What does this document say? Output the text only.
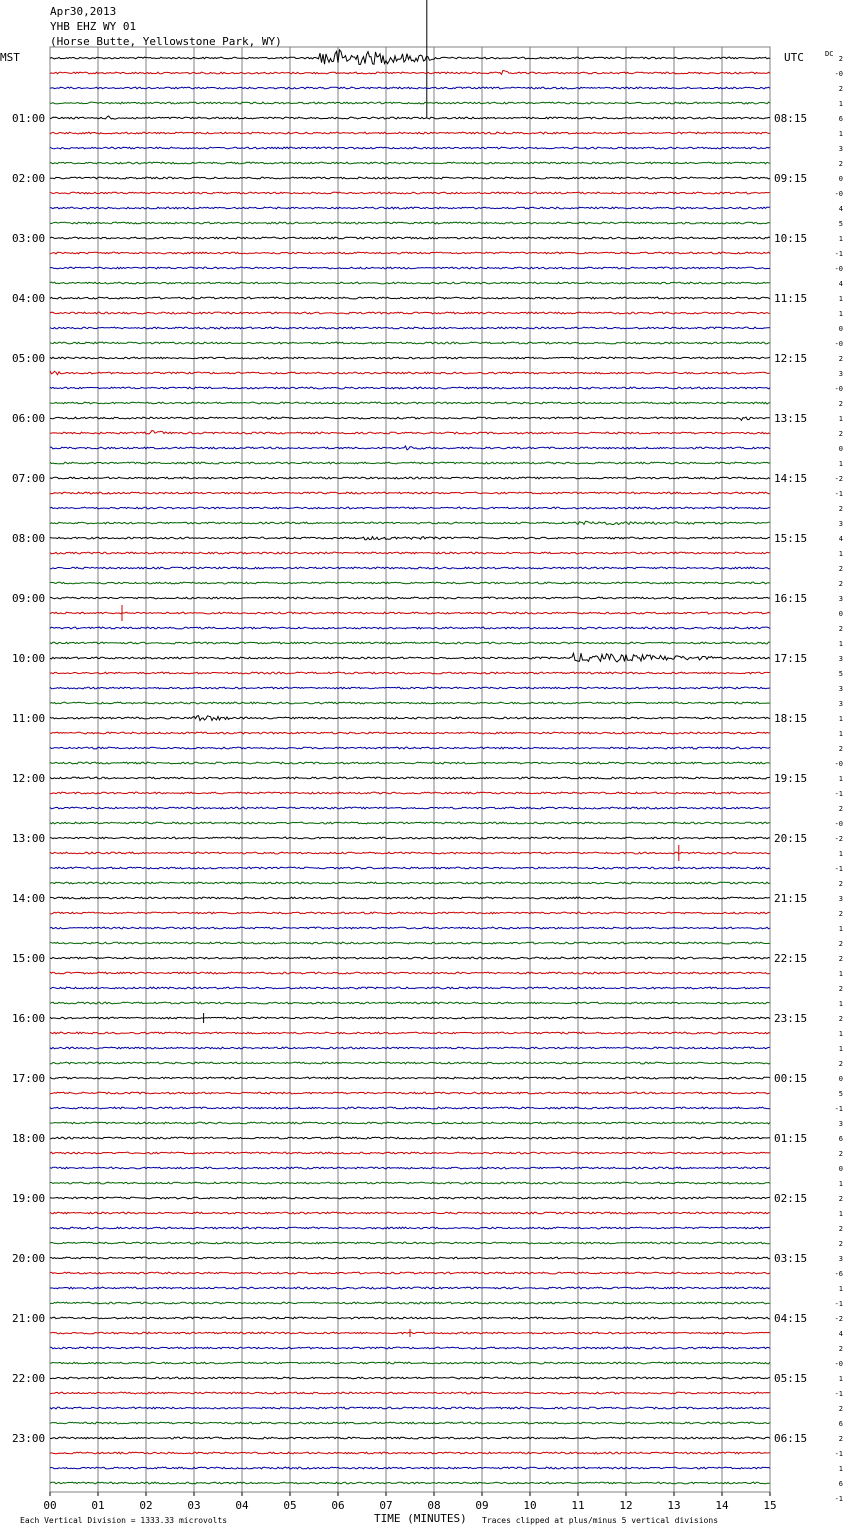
Apr30,2013
YHB EHZ WY 01
(Horse Butte, Yellowstone Park, WY)
MST	UTC	DC
01:00
02:00
03:00
04:00
05:00
06:00
07:00
08:00
09:00
10:00
11:00
12:00
13:00
14:00
15:00
16:00
17:00
18:00
19:00
20:00
21:00
22:00
23:00
08:15
09:15
10:15
11:15
12:15
13:15
14:15
15:15
16:15
17:15
18:15
19:15
20:15
21:15
22:15
23:15
00:15
01:15
02:15
03:15
04:15
05:15
06:15
2
-0
2
1
6
1
3
2
0
-0
4
5
1
-1
-0
4
1
1
0
-0
2
3
-0
2
1
2
0
1
-2
-1
2
3
4
1
2
2
3
0
2
1
3
5
3
3
1
1
2
-0
1
-1
2
-0
-2
1
-1
2
3
2
1
2
2
1
2
1
2
1
1
2
0
5
-1
3
6
2
0
1
2
1
2
2
3
-6
1
-1
-2
4
2
-0
1
-1
2
6
2
-1
1
6
-1
00	01	02	03	04	05	06	07	08	09	10	11	12	13	14	15
Each Vertical Division = 1333.33 microvolts	TIME (MINUTES) Traces clipped at plus/minus 5 vertical divisions
